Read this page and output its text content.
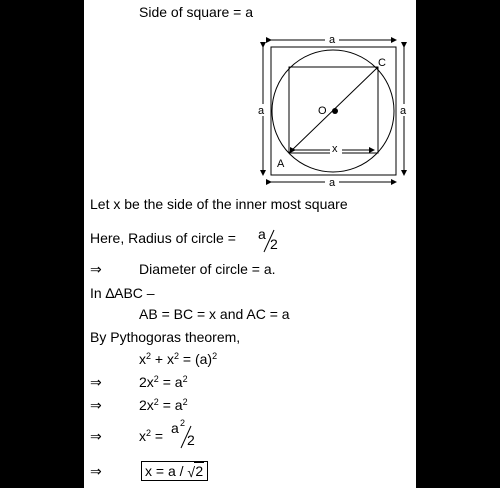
Side of square = a
a
a
a	a
x
C
O
A
Let x be the side of the inner most square
Here, Radius of circle = a
2
⇒	Diameter of circle = a.
In ∆ABC –
AB = BC = x and AC = a
By Pythogoras theorem,
$x^2 + x^2 = (a)^2$
⇒	$2x^2 = a^2$
⇒	$2x^2 = a^2$
⇒	$x^2 = a$ 2
2
⇒	x = a / √ 2
